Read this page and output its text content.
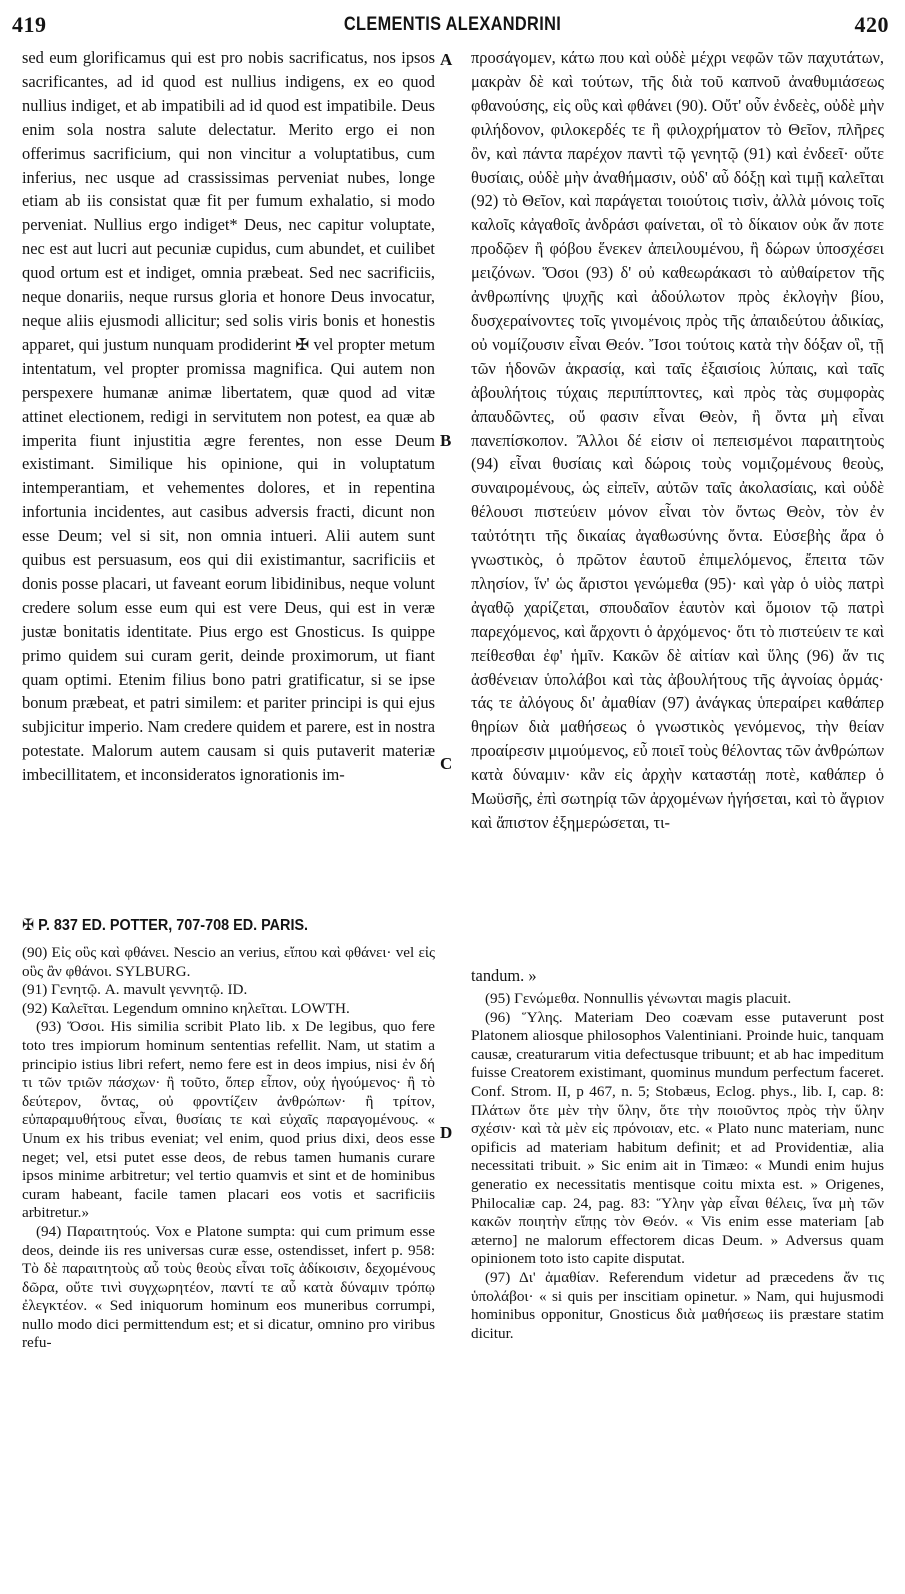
419	CLEMENTIS ALEXANDRINI	420

sed eum glorificamus qui est pro nobis sacrificatus, nos ipsos sacrificantes, ad id quod est nullius indigens, ex eo quod nullius indiget, et ab impatibili ad id quod est impatibile. Deus enim sola nostra salute delectatur. Merito ergo ei non offerimus sacrificium, qui non vincitur a voluptatibus, cum inferius, nec usque ad crassissimas perveniat nubes, longe etiam ab iis consistat quæ fit per fumum exhalatio, si modo perveniat. Nullius ergo indiget* Deus, nec capitur voluptate, nec est aut lucri aut pecuniæ cupidus, cum abundet, et cuilibet quod ortum est et indiget, omnia præbeat. Sed nec sacrificiis, neque donariis, neque rursus gloria et honore Deus invocatur, neque aliis ejusmodi allicitur; sed solis viris bonis et honestis apparet, qui justum nunquam prodiderint ✠ vel propter metum intentatum, vel propter promissa magnifica. Qui autem non perspexere humanæ animæ libertatem, quæ quod ad vitæ attinet electionem, redigi in servitutem non potest, ea quæ ab imperita fiunt injustitia ægre ferentes, non esse Deum existimant. Similique his opinione, qui in voluptatum intemperantiam, et vehementes dolores, et in repentina infortunia incidentes, aut casibus adversis fracti, dicunt non esse Deum; vel si sit, non omnia intueri. Alii autem sunt quibus est persuasum, eos qui dii existimantur, sacrificiis et donis posse placari, ut faveant eorum libidinibus, neque volunt credere solum esse eum qui est vere Deus, qui est in veræ justæ bonitatis identitate. Pius ergo est Gnosticus. Is quippe primo quidem sui curam gerit, deinde proximorum, ut fiant quam optimi. Etenim filius bono patri gratificatur, si se ipse bonum præbeat, et patri similem: et pariter principi is qui ejus subjicitur imperio. Nam credere quidem et parere, est in nostra potestate. Malorum autem causam si quis putaverit materiæ imbecillitatem, et inconsideratos ignorationis im-

προσάγομεν, κάτω που καὶ οὐδὲ μέχρι νεφῶν τῶν παχυτάτων, μακρὰν δὲ καὶ τούτων, τῆς διὰ τοῦ καπνοῦ ἀναθυμιάσεως φθανούσης, εἰς οὓς καὶ φθάνει (90). Οὔτ' οὖν ἐνδεὲς, οὐδὲ μὴν φιλήδονον, φιλοκερδές τε ἢ φιλοχρήματον τὸ Θεῖον, πλῆρες ὂν, καὶ πάντα παρέχον παντὶ τῷ γενητῷ (91) καὶ ἐνδεεῖ· οὔτε θυσίαις, οὐδὲ μὴν ἀναθήμασιν, οὐδ' αὖ δόξῃ καὶ τιμῇ καλεῖται (92) τὸ Θεῖον, καὶ παράγεται τοιούτοις τισὶν, ἀλλὰ μόνοις τοῖς καλοῖς κἀγαθοῖς ἀνδράσι φαίνεται, οἳ τὸ δίκαιον οὐκ ἄν ποτε προδῷεν ἢ φόβου ἕνεκεν ἀπειλουμένου, ἢ δώρων ὑποσχέσει μειζόνων. Ὅσοι (93) δ' οὐ καθεωράκασι τὸ αὐθαίρετον τῆς ἀνθρωπίνης ψυχῆς καὶ ἀδούλωτον πρὸς ἐκλογὴν βίου, δυσχεραίνοντες τοῖς γινομένοις πρὸς τῆς ἀπαιδεύτου ἀδικίας, οὐ νομίζουσιν εἶναι Θεόν. Ἴσοι τούτοις κατὰ τὴν δόξαν οἳ, τῇ τῶν ἡδονῶν ἀκρασίᾳ, καὶ ταῖς ἐξαισίοις λύπαις, καὶ ταῖς ἀβουλήτοις τύχαις περιπίπτοντες, καὶ πρὸς τὰς συμφορὰς ἀπαυδῶντες, οὔ φασιν εἶναι Θεὸν, ἢ ὄντα μὴ εἶναι πανεπίσκοπον. Ἄλλοι δέ εἰσιν οἱ πεπεισμένοι παραιτητοὺς (94) εἶναι θυσίαις καὶ δώροις τοὺς νομιζομένους θεοὺς, συναιρομένους, ὡς εἰπεῖν, αὐτῶν ταῖς ἀκολασίαις, καὶ οὐδὲ θέλουσι πιστεύειν μόνον εἶναι τὸν ὄντως Θεὸν, τὸν ἐν ταὐτότητι τῆς δικαίας ἀγαθωσύνης ὄντα. Εὐσεβὴς ἄρα ὁ γνωστικὸς, ὁ πρῶτον ἑαυτοῦ ἐπιμελόμενος, ἔπειτα τῶν πλησίον, ἵν' ὡς ἄριστοι γενώμεθα (95)· καὶ γὰρ ὁ υἱὸς πατρὶ ἀγαθῷ χαρίζεται, σπουδαῖον ἑαυτὸν καὶ ὅμοιον τῷ πατρὶ παρεχόμενος, καὶ ἄρχοντι ὁ ἀρχόμενος· ὅτι τὸ πιστεύειν τε καὶ πείθεσθαι ἐφ' ἡμῖν. Κακῶν δὲ αἰτίαν καὶ ὕλης (96) ἄν τις ἀσθένειαν ὑπολάβοι καὶ τὰς ἀβουλήτους τῆς ἀγνοίας ὁρμάς· τάς τε ἀλόγους δι' ἀμαθίαν (97) ἀνάγκας ὑπεραίρει καθάπερ θηρίων διὰ μαθήσεως ὁ γνωστικὸς γενόμενος, τὴν θείαν προαίρεσιν μιμούμενος, εὖ ποιεῖ τοὺς θέλοντας τῶν ἀνθρώπων κατὰ δύναμιν· κἂν εἰς ἀρχὴν καταστάῃ ποτὲ, καθάπερ ὁ Μωϋσῆς, ἐπὶ σωτηρίᾳ τῶν ἀρχομένων ἡγήσεται, καὶ τὸ ἄγριον καὶ ἄπιστον ἐξημερώσεται, τι-

A
B
C
D
✠ P. 837 ED. POTTER, 707-708 ED. PARIS.
tandum. »

(90) Εἰς οὓς καὶ φθάνει. Nescio an verius, εἴπου καὶ φθάνει· vel εἰς οὓς ἂν φθάνοι. SYLBURG.

(91) Γενητῷ. A. mavult γεννητῷ. ID.

(92) Καλεῖται. Legendum omnino κηλεῖται. LOWTH.

(93) Ὅσοι. His similia scribit Plato lib. x De legibus, quo fere toto tres impiorum hominum sententias refellit. Nam, ut statim a principio istius libri refert, nemo fere est in deos impius, nisi ἐν δή τι τῶν τριῶν πάσχων· ἢ τοῦτο, ὅπερ εἶπον, οὐχ ἡγούμενος· ἢ τὸ δεύτερον, ὄντας, οὐ φροντίζειν ἀνθρώπων· ἢ τρίτον, εὐπαραμυθήτους εἶναι, θυσίαις τε καὶ εὐχαῖς παραγομένους. « Unum ex his tribus eveniat; vel enim, quod prius dixi, deos esse neget; vel, etsi putet esse deos, de rebus tamen humanis curare ipsos minime arbitretur; vel tertio quamvis et sint et de hominibus curam habeant, facile tamen placari eos votis et sacrificiis arbitretur.»

(94) Παραιτητούς. Vox e Platone sumpta: qui cum primum esse deos, deinde iis res universas curæ esse, ostendisset, infert p. 958: Τὸ δὲ παραιτητοὺς αὖ τοὺς θεοὺς εἶναι τοῖς ἀδίκοισιν, δεχομένους δῶρα, οὔτε τινὶ συγχωρητέον, παντί τε αὖ κατὰ δύναμιν τρόπῳ ἐλεγκτέον. « Sed iniquorum hominum eos muneribus corrumpi, nullo modo dici permittendum est; et si dicatur, omnino pro viribus refu-

(95) Γενώμεθα. Nonnullis γένωνται magis placuit.

(96) Ὕλης. Materiam Deo coævam esse putaverunt post Platonem aliosque philosophos Valentiniani. Proinde huic, tanquam causæ, creaturarum vitia defectusque tribuunt; et ab hac impeditum fuisse Creatorem existimant, quominus mundum perfectum faceret. Conf. Strom. II, p 467, n. 5; Stobæus, Eclog. phys., lib. I, cap. 8: Πλάτων ὅτε μὲν τὴν ὕλην, ὅτε τὴν ποιοῦντος πρὸς τὴν ὕλην σχέσιν· καὶ τὰ μὲν εἰς πρόνοιαν, etc. « Plato nunc materiam, nunc opificis ad materiam habitum definit; et ad Providentiæ, alia necessitati tribuit. » Sic enim ait in Timæo: « Mundi enim hujus generatio ex necessitatis mentisque coitu mixta est. » Origenes, Philocaliæ cap. 24, pag. 83: Ὕλην γὰρ εἶναι θέλεις, ἵνα μὴ τῶν κακῶν ποιητὴν εἴπῃς τὸν Θεόν. « Vis enim esse materiam [ab æterno] ne malorum effectorem dicas Deum. » Adversus quam opinionem toto isto capite disputat.

(97) Δι' ἀμαθίαν. Referendum videtur ad præcedens ἄν τις ὑπολάβοι· « si quis per inscitiam opinetur. » Nam, qui hujusmodi hominibus opponitur, Gnosticus διὰ μαθήσεως iis præstare statim dicitur.
